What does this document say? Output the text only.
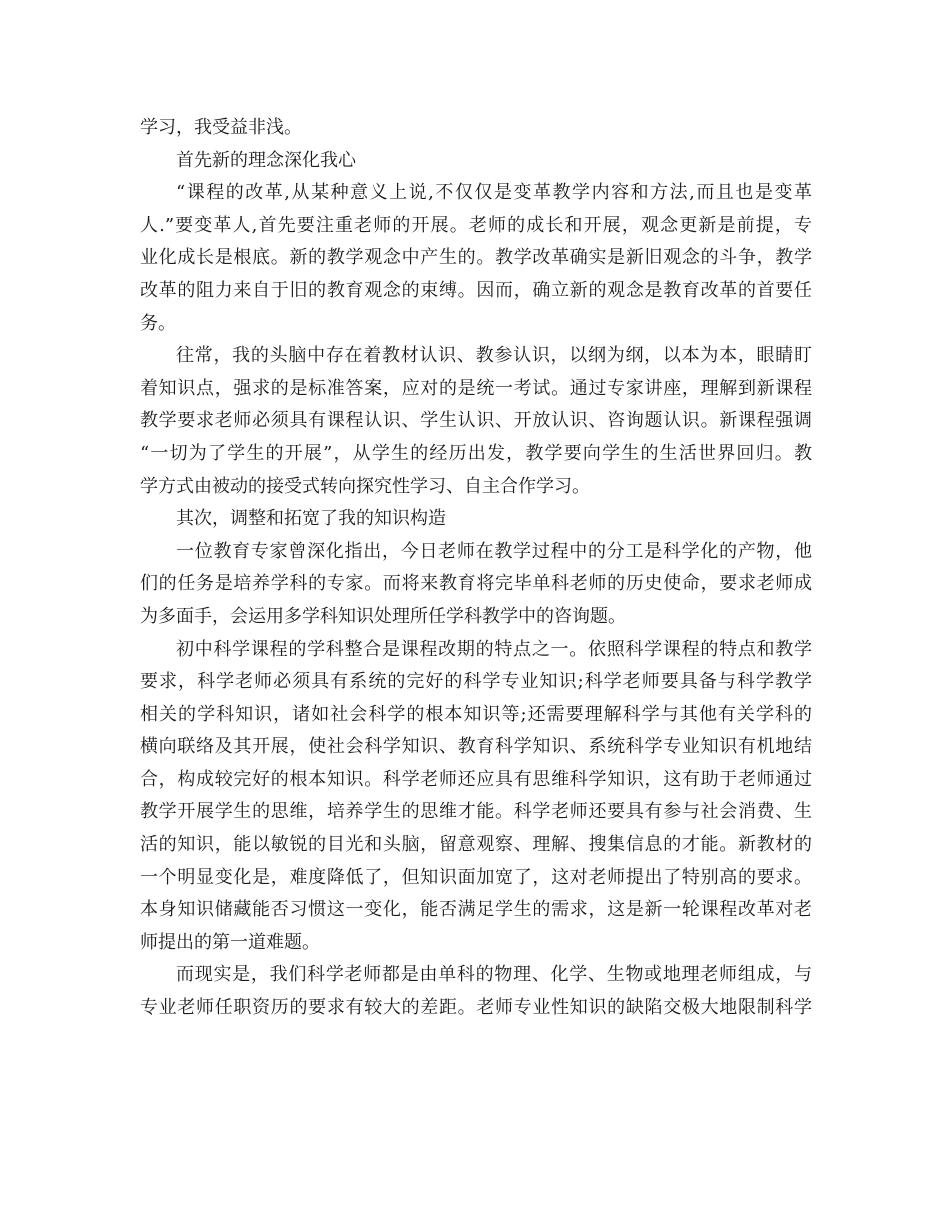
学习，我受益非浅。
首先新的理念深化我心
“课程的改革,从某种意义上说,不仅仅是变革教学内容和方法,而且也是变革
人.”要变革人,首先要注重老师的开展。老师的成长和开展，观念更新是前提，专
业化成长是根底。新的教学观念中产生的。教学改革确实是新旧观念的斗争，教学
改革的阻力来自于旧的教育观念的束缚。因而，确立新的观念是教育改革的首要任
务。
往常，我的头脑中存在着教材认识、教参认识，以纲为纲，以本为本，眼睛盯
着知识点，强求的是标准答案，应对的是统一考试。通过专家讲座，理解到新课程
教学要求老师必须具有课程认识、学生认识、开放认识、咨询题认识。新课程强调
“一切为了学生的开展”，从学生的经历出发，教学要向学生的生活世界回归。教
学方式由被动的接受式转向探究性学习、自主合作学习。
其次，调整和拓宽了我的知识构造
一位教育专家曾深化指出，今日老师在教学过程中的分工是科学化的产物，他
们的任务是培养学科的专家。而将来教育将完毕单科老师的历史使命，要求老师成
为多面手，会运用多学科知识处理所任学科教学中的咨询题。
初中科学课程的学科整合是课程改期的特点之一。依照科学课程的特点和教学
要求，科学老师必须具有系统的完好的科学专业知识;科学老师要具备与科学教学
相关的学科知识，诸如社会科学的根本知识等;还需要理解科学与其他有关学科的
横向联络及其开展，使社会科学知识、教育科学知识、系统科学专业知识有机地结
合，构成较完好的根本知识。科学老师还应具有思维科学知识，这有助于老师通过
教学开展学生的思维，培养学生的思维才能。科学老师还要具有参与社会消费、生
活的知识，能以敏锐的目光和头脑，留意观察、理解、搜集信息的才能。新教材的
一个明显变化是，难度降低了，但知识面加宽了，这对老师提出了特别高的要求。
本身知识储藏能否习惯这一变化，能否满足学生的需求，这是新一轮课程改革对老
师提出的第一道难题。
而现实是，我们科学老师都是由单科的物理、化学、生物或地理老师组成，与
专业老师任职资历的要求有较大的差距。老师专业性知识的缺陷交极大地限制科学
